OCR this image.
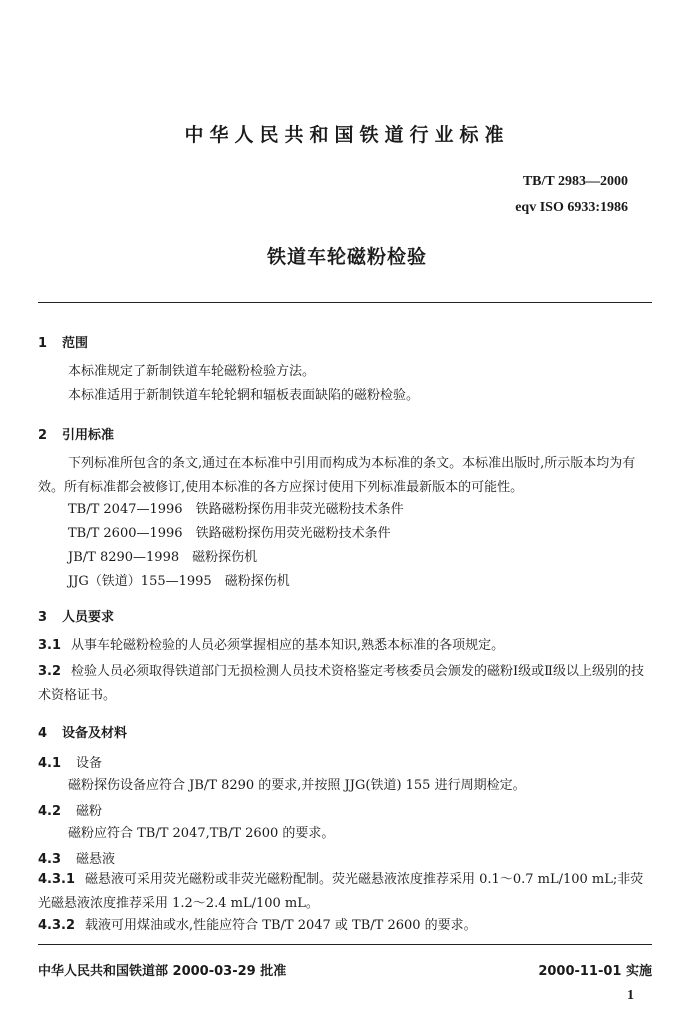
中华人民共和国铁道行业标准
TB/T 2983—2000
eqv ISO 6933:1986
铁道车轮磁粉检验
1 范围
本标准规定了新制铁道车轮磁粉检验方法。
本标准适用于新制铁道车轮轮辋和辐板表面缺陷的磁粉检验。
2 引用标准
下列标准所包含的条文,通过在本标准中引用而构成为本标准的条文。本标准出版时,所示版本均为有效。所有标准都会被修订,使用本标准的各方应探讨使用下列标准最新版本的可能性。
TB/T 2047—1996　铁路磁粉探伤用非荧光磁粉技术条件
TB/T 2600—1996　铁路磁粉探伤用荧光磁粉技术条件
JB/T 8290—1998　磁粉探伤机
JJG（铁道）155—1995　磁粉探伤机
3 人员要求
3.1 从事车轮磁粉检验的人员必须掌握相应的基本知识,熟悉本标准的各项规定。
3.2 检验人员必须取得铁道部门无损检测人员技术资格鉴定考核委员会颁发的磁粉Ⅰ级或Ⅱ级以上级别的技术资格证书。
4 设备及材料
4.1 设备
磁粉探伤设备应符合 JB/T 8290 的要求,并按照 JJG(铁道) 155 进行周期检定。
4.2 磁粉
磁粉应符合 TB/T 2047,TB/T 2600 的要求。
4.3 磁悬液
4.3.1 磁悬液可采用荧光磁粉或非荧光磁粉配制。荧光磁悬液浓度推荐采用 0.1～0.7 mL/100 mL;非荧光磁悬液浓度推荐采用 1.2～2.4 mL/100 mL。
4.3.2 载液可用煤油或水,性能应符合 TB/T 2047 或 TB/T 2600 的要求。
中华人民共和国铁道部 2000-03-29 批准	2000-11-01 实施
1
